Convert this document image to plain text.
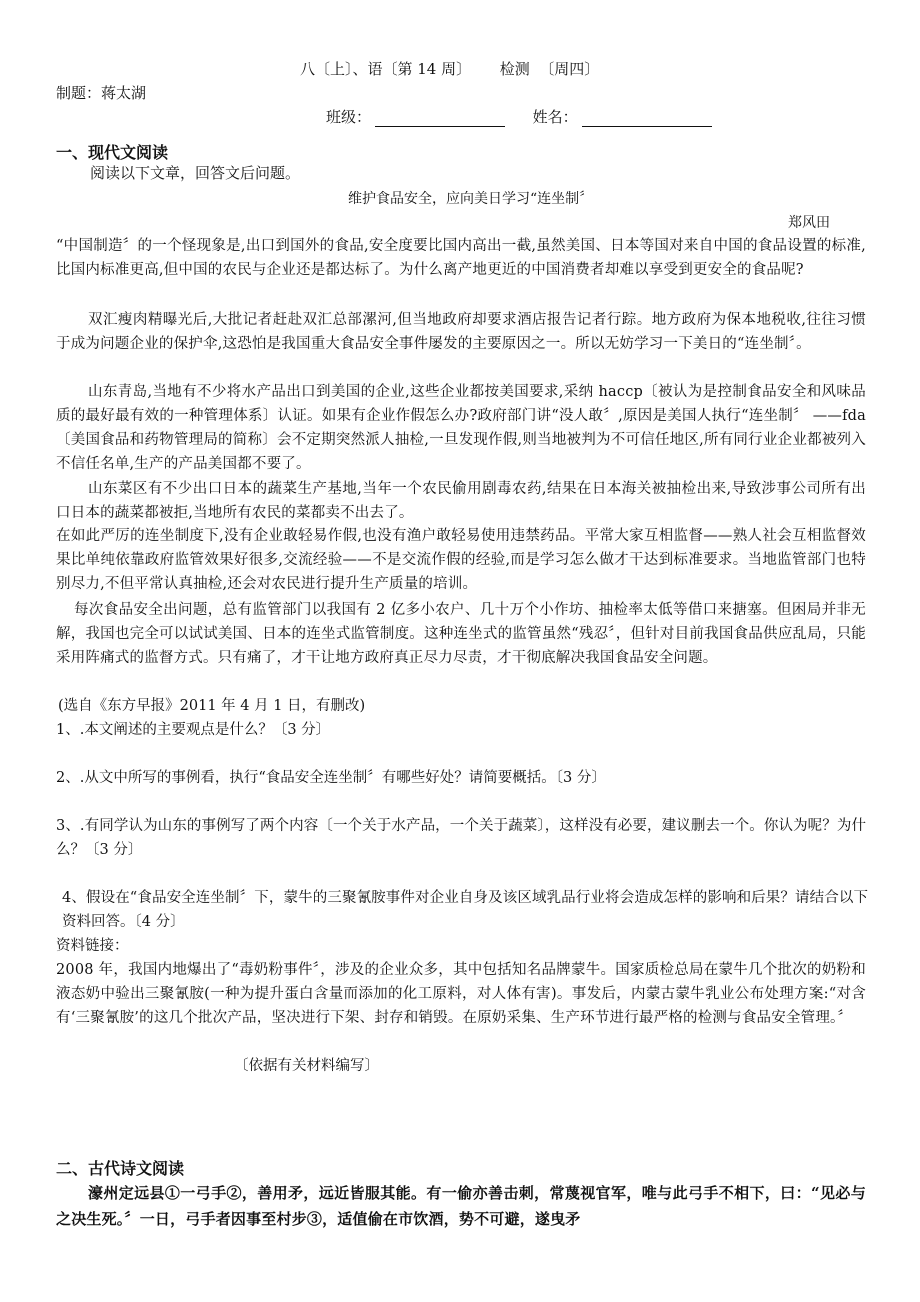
八〔上〕、语〔第 14 周〕      检测  〔周四〕
制题：蒋太湖
班级：	姓名：
一、现代文阅读
阅读以下文章，回答文后问题。
维护食品安全，应向美日学习“连坐制〞
郑风田
“中国制造〞的一个怪现象是,出口到国外的食品,安全度要比国内高出一截,虽然美国、日本等国对来自中国的食品设置的标准,比国内标准更高,但中国的农民与企业还是都达标了。为什么离产地更近的中国消费者却难以享受到更安全的食品呢?
双汇瘦肉精曝光后,大批记者赶赴双汇总部漯河,但当地政府却要求酒店报告记者行踪。地方政府为保本地税收,往往习惯于成为问题企业的保护伞,这恐怕是我国重大食品安全事件屡发的主要原因之一。所以无妨学习一下美日的“连坐制〞。
山东青岛,当地有不少将水产品出口到美国的企业,这些企业都按美国要求,采纳 haccp〔被认为是控制食品安全和风味品质的最好最有效的一种管理体系〕认证。如果有企业作假怎么办?政府部门讲“没人敢〞,原因是美国人执行“连坐制〞 ——fda〔美国食品和药物管理局的简称〕会不定期突然派人抽检,一旦发现作假,则当地被判为不可信任地区,所有同行业企业都被列入不信任名单,生产的产品美国都不要了。
山东菜区有不少出口日本的蔬菜生产基地,当年一个农民偷用剧毒农药,结果在日本海关被抽检出来,导致涉事公司所有出口日本的蔬菜都被拒,当地所有农民的菜都卖不出去了。
在如此严厉的连坐制度下,没有企业敢轻易作假,也没有渔户敢轻易使用违禁药品。平常大家互相监督——熟人社会互相监督效果比单纯依靠政府监管效果好很多,交流经验——不是交流作假的经验,而是学习怎么做才干达到标准要求。当地监管部门也特别尽力,不但平常认真抽检,还会对农民进行提升生产质量的培训。
每次食品安全出问题，总有监管部门以我国有 2 亿多小农户、几十万个小作坊、抽检率太低等借口来搪塞。但困局并非无解，我国也完全可以试试美国、日本的连坐式监管制度。这种连坐式的监管虽然“残忍〞，但针对目前我国食品供应乱局，只能采用阵痛式的监督方式。只有痛了，才干让地方政府真正尽力尽责，才干彻底解决我国食品安全问题。
(选自《东方早报》2011 年 4 月 1 日，有删改)
1、.本文阐述的主要观点是什么？〔3 分〕
2、.从文中所写的事例看，执行“食品安全连坐制〞有哪些好处？请简要概括。〔3 分〕
3、.有同学认为山东的事例写了两个内容〔一个关于水产品，一个关于蔬菜〕，这样没有必要，建议删去一个。你认为呢？为什么？〔3 分〕
4、假设在“食品安全连坐制〞下，蒙牛的三聚氰胺事件对企业自身及该区域乳品行业将会造成怎样的影响和后果？请结合以下资料回答。〔4 分〕
资料链接：
2008 年，我国内地爆出了“毒奶粉事件〞，涉及的企业众多，其中包括知名品牌蒙牛。国家质检总局在蒙牛几个批次的奶粉和液态奶中验出三聚氰胺(一种为提升蛋白含量而添加的化工原料，对人体有害)。事发后，内蒙古蒙牛乳业公布处理方案:“对含有‘三聚氰胺’的这几个批次产品，坚决进行下架、封存和销毁。在原奶采集、生产环节进行最严格的检测与食品安全管理。〞
〔依据有关材料编写〕
二、古代诗文阅读
濠州定远县①一弓手②，善用矛，远近皆服其能。有一偷亦善击刺，常蔑视官军，唯与此弓手不相下，曰：“见必与之决生死。〞一日，弓手者因事至村步③，适值偷在市饮酒，势不可避，遂曳矛
